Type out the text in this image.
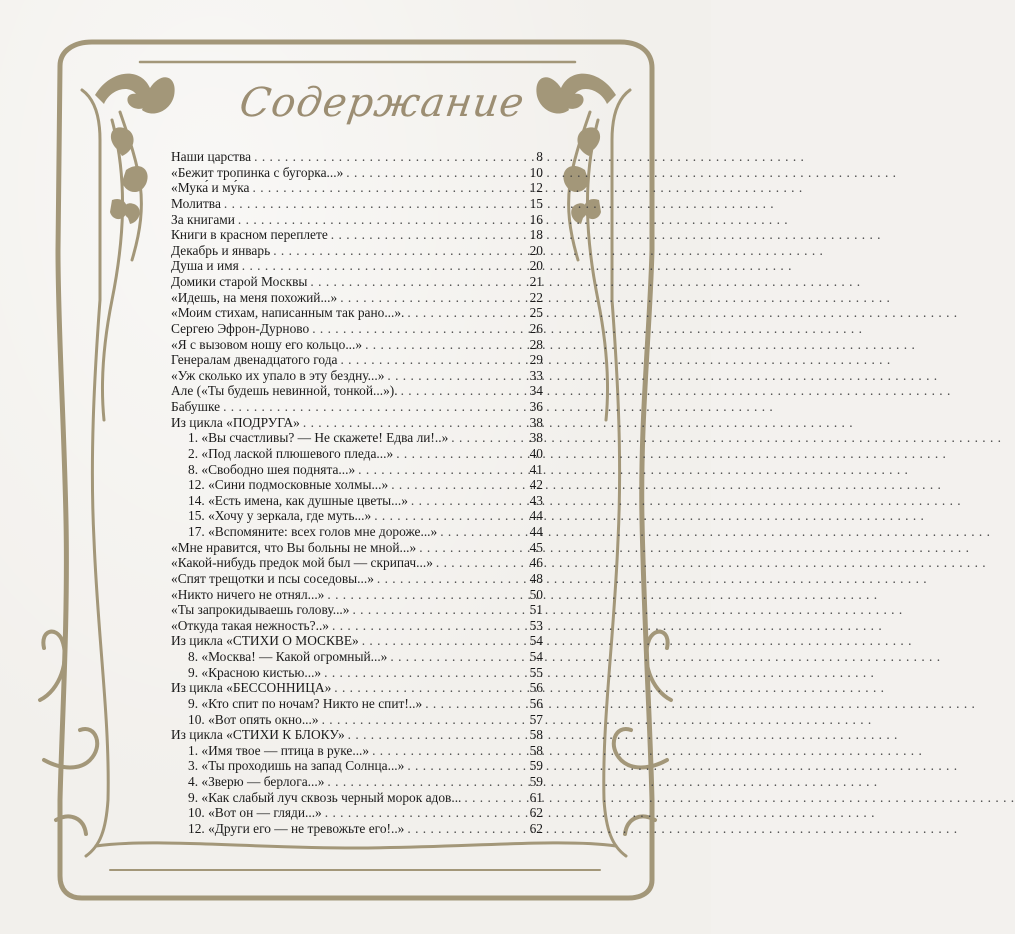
Содержание
Наши царства . . .	8
«Бежит тропинка с бугорка...» . . .	10
«Мука́ и му́ка . . .	12
Молитва . . .	15
За книгами . . .	16
Книги в красном переплете . . .	18
Декабрь и январь . . .	20
Душа и имя . . .	20
Домики старой Москвы . . .	21
«Идешь, на меня похожий...» . . .	22
«Моим стихам, написанным так рано...». . . .	25
Сергею Эфрон-Дурново . . .	26
«Я с вызовом ношу его кольцо...» . . .	28
Генералам двенадцатого года . . .	29
«Уж сколько их упало в эту бездну...» . . .	33
Але («Ты будешь невинной, тонкой...»). . . .	34
Бабушке . . .	36
Из цикла «ПОДРУГА» . . .	38
1. «Вы счастливы? — Не скажете! Едва ли!..» . . .	38
2. «Под лаской плюшевого пледа...» . . .	40
8. «Свободно шея поднята...» . . .	41
12. «Сини подмосковные холмы...» . . .	42
14. «Есть имена, как душные цветы...» . . .	43
15. «Хочу у зеркала, где муть...» . . .	44
17. «Вспомяните: всех голов мне дороже...» . . .	44
«Мне нравится, что Вы больны не мной...» . . .	45
«Какой-нибудь предок мой был — скрипач...» . . .	46
«Спят трещотки и псы соседовы...» . . .	48
«Никто ничего не отнял...» . . .	50
«Ты запрокидываешь голову...» . . .	51
«Откуда такая нежность?..» . . .	53
Из цикла «СТИХИ О МОСКВЕ» . . .	54
8. «Москва! — Какой огромный...» . . .	54
9. «Красною кистью...» . . .	55
Из цикла «БЕССОННИЦА» . . .	56
9. «Кто спит по ночам? Никто не спит!..» . . .	56
10. «Вот опять окно...» . . .	57
Из цикла «СТИХИ К БЛОКУ» . . .	58
1. «Имя твое — птица в руке...» . . .	58
3. «Ты проходишь на запад Солнца...» . . .	59
4. «Зверю — берлога...» . . .	59
9. «Как слабый луч сквозь черный морок адов... . . .	61
10. «Вот он — гляди...» . . .	62
12. «Други его — не тревожьте его!..» . . .	62
